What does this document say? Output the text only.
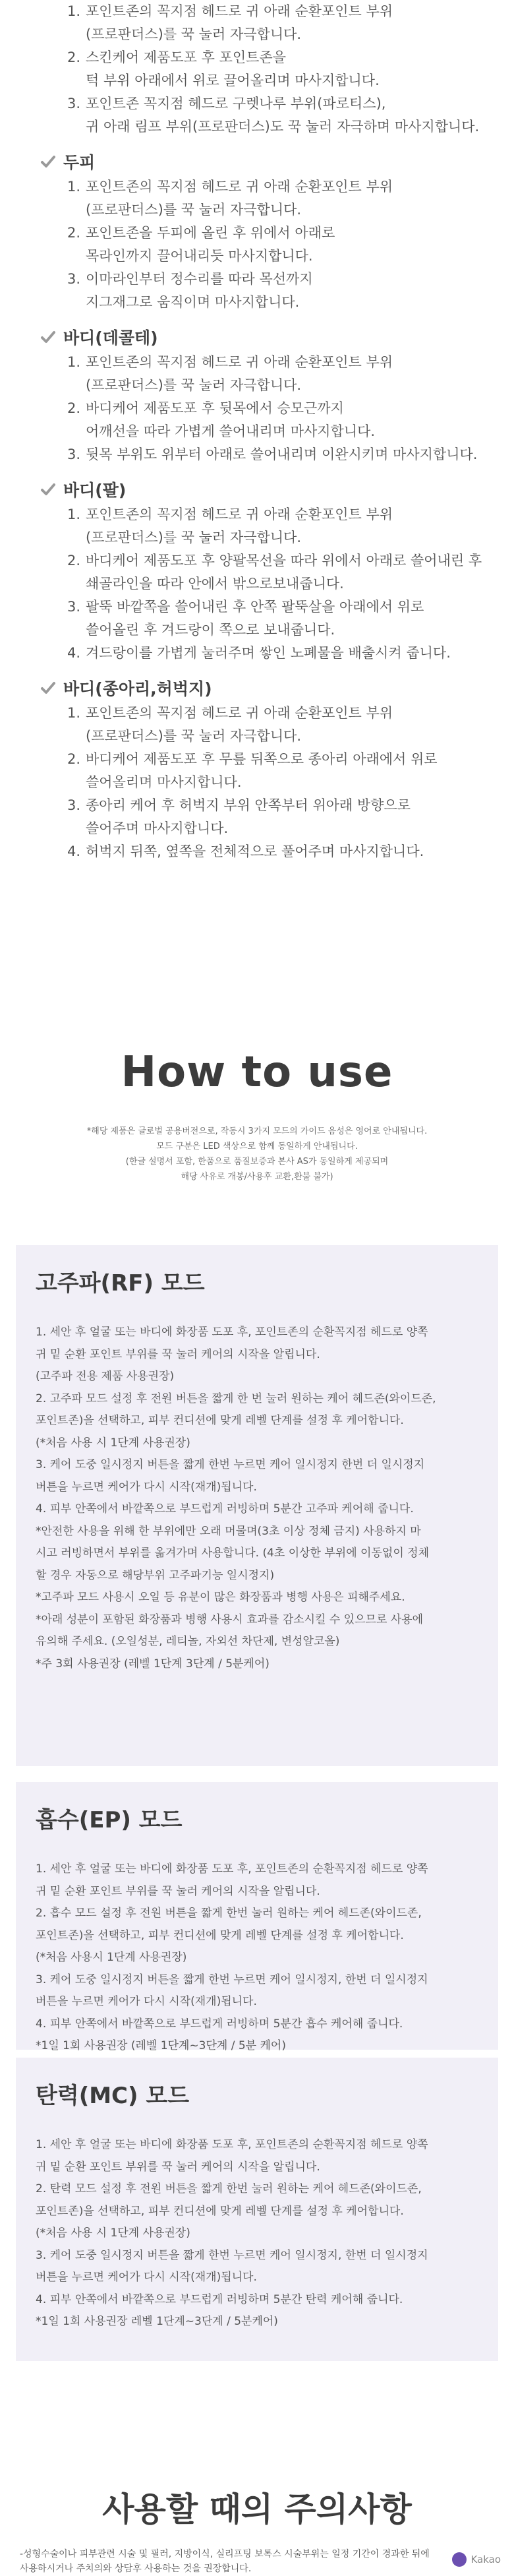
1. 포인트존의 꼭지점 헤드로 귀 아래 순환포인트 부위
(프로판더스)를 꾹 눌러 자극합니다.
2. 스킨케어 제품도포 후 포인트존을
턱 부위 아래에서 위로 끌어올리며 마사지합니다.
3. 포인트존 꼭지점 헤드로 구렛나루 부위(파로티스),
귀 아래 림프 부위(프로판더스)도 꾹 눌러 자극하며 마사지합니다.
두피
1. 포인트존의 꼭지점 헤드로 귀 아래 순환포인트 부위
(프로판더스)를 꾹 눌러 자극합니다.
2. 포인트존을 두피에 올린 후 위에서 아래로
목라인까지 끌어내리듯 마사지합니다.
3. 이마라인부터 정수리를 따라 목선까지
지그재그로 움직이며 마사지합니다.
바디(데콜테)
1. 포인트존의 꼭지점 헤드로 귀 아래 순환포인트 부위
(프로판더스)를 꾹 눌러 자극합니다.
2. 바디케어 제품도포 후 뒷목에서 승모근까지
어깨선을 따라 가볍게 쓸어내리며 마사지합니다.
3. 뒷목 부위도 위부터 아래로 쓸어내리며 이완시키며 마사지합니다.
바디(팔)
1. 포인트존의 꼭지점 헤드로 귀 아래 순환포인트 부위
(프로판더스)를 꾹 눌러 자극합니다.
2. 바디케어 제품도포 후 양팔목선을 따라 위에서 아래로 쓸어내린 후
쇄골라인을 따라 안에서 밖으로보내줍니다.
3. 팔뚝 바깥쪽을 쓸어내린 후 안쪽 팔뚝살을 아래에서 위로
쓸어올린 후 겨드랑이 쪽으로 보내줍니다.
4. 겨드랑이를 가볍게 눌러주며 쌓인 노폐물을 배출시켜 줍니다.
바디(종아리,허벅지)
1. 포인트존의 꼭지점 헤드로 귀 아래 순환포인트 부위
(프로판더스)를 꾹 눌러 자극합니다.
2. 바디케어 제품도포 후 무릎 뒤쪽으로 종아리 아래에서 위로
쓸어올리며 마사지합니다.
3. 종아리 케어 후 허벅지 부위 안쪽부터 위아래 방향으로
쓸어주며 마사지합니다.
4. 허벅지 뒤쪽, 옆쪽을 전체적으로 풀어주며 마사지합니다.
How to use
*해당 제품은 글로벌 공용버전으로, 작동시 3가지 모드의 가이드 음성은 영어로 안내됩니다.
모드 구분은 LED 색상으로 함께 동일하게 안내됩니다.
(한글 설명서 포함, 한품으로 품질보증과 본사 AS가 동일하게 제공되며
해당 사유로 개봉/사용후 교환,환불 불가)
고주파(RF) 모드
1. 세안 후 얼굴 또는 바디에 화장품 도포 후, 포인트존의 순환꼭지점 헤드로 양쪽
귀 밑 순환 포인트 부위를 꾹 눌러 케어의 시작을 알립니다.
(고주파 전용 제품 사용권장)
2. 고주파 모드 설정 후 전원 버튼을 짧게 한 번 눌러 원하는 케어 헤드존(와이드존,
포인트존)을 선택하고, 피부 컨디션에 맞게 레벨 단계를 설정 후 케어합니다.
(*처음 사용 시 1단계 사용권장)
3. 케어 도중 일시정지 버튼을 짧게 한번 누르면 케어 일시정지 한번 더 일시정지
버튼을 누르면 케어가 다시 시작(재개)됩니다.
4. 피부 안쪽에서 바깥쪽으로 부드럽게 러빙하며 5분간 고주파 케어해 줍니다.
*안전한 사용을 위해 한 부위에만 오래 머물며(3초 이상 정체 금지) 사용하지 마
시고 러빙하면서 부위를 옮겨가며 사용합니다. (4초 이상한 부위에 이동없이 정체
할 경우 자동으로 해당부위 고주파기능 일시정지)
*고주파 모드 사용시 오일 등 유분이 많은 화장품과 병행 사용은 피해주세요.
*아래 성분이 포함된 화장품과 병행 사용시 효과를 감소시킬 수 있으므로 사용에
유의해 주세요. (오일성분, 레티놀, 자외선 차단제, 변성알코올)
*주 3회 사용권장 (레벨 1단계 3단계 / 5분케어)
흡수(EP) 모드
1. 세안 후 얼굴 또는 바디에 화장품 도포 후, 포인트존의 순환꼭지점 헤드로 양쪽
귀 밑 순환 포인트 부위를 꾹 눌러 케어의 시작을 알립니다.
2. 흡수 모드 설정 후 전원 버튼을 짧게 한번 눌러 원하는 케어 헤드존(와이드존,
포인트존)을 선택하고, 피부 컨디션에 맞게 레벨 단계를 설정 후 케어합니다.
(*처음 사용시 1단계 사용권장)
3. 케어 도중 일시정지 버튼을 짧게 한번 누르면 케어 일시정지, 한번 더 일시정지
버튼을 누르면 케어가 다시 시작(재개)됩니다.
4. 피부 안쪽에서 바깥쪽으로 부드럽게 러빙하며 5분간 흡수 케어해 줍니다.
*1일 1회 사용권장 (레벨 1단계~3단계 / 5분 케어)
탄력(MC) 모드
1. 세안 후 얼굴 또는 바디에 화장품 도포 후, 포인트존의 순환꼭지점 헤드로 양쪽
귀 밑 순환 포인트 부위를 꾹 눌러 케어의 시작을 알립니다.
2. 탄력 모드 설정 후 전원 버튼을 짧게 한번 눌러 원하는 케어 헤드존(와이드존,
포인트존)을 선택하고, 피부 컨디션에 맞게 레벨 단계를 설정 후 케어합니다.
(*처음 사용 시 1단계 사용권장)
3. 케어 도중 일시정지 버튼을 짧게 한번 누르면 케어 일시정지, 한번 더 일시정지
버튼을 누르면 케어가 다시 시작(재개)됩니다.
4. 피부 안쪽에서 바깥쪽으로 부드럽게 러빙하며 5분간 탄력 케어해 줍니다.
*1일 1회 사용권장 레벨 1단계~3단계 / 5분케어)
사용할 때의 주의사항
-성형수술이나 피부관련 시술 및 필러, 지방이식, 실리프팅 보톡스 시술부위는 일정 기간이 경과한 뒤에
사용하시거나 주치의와 상담후 사용하는 것을 권장합니다.	Kakao
